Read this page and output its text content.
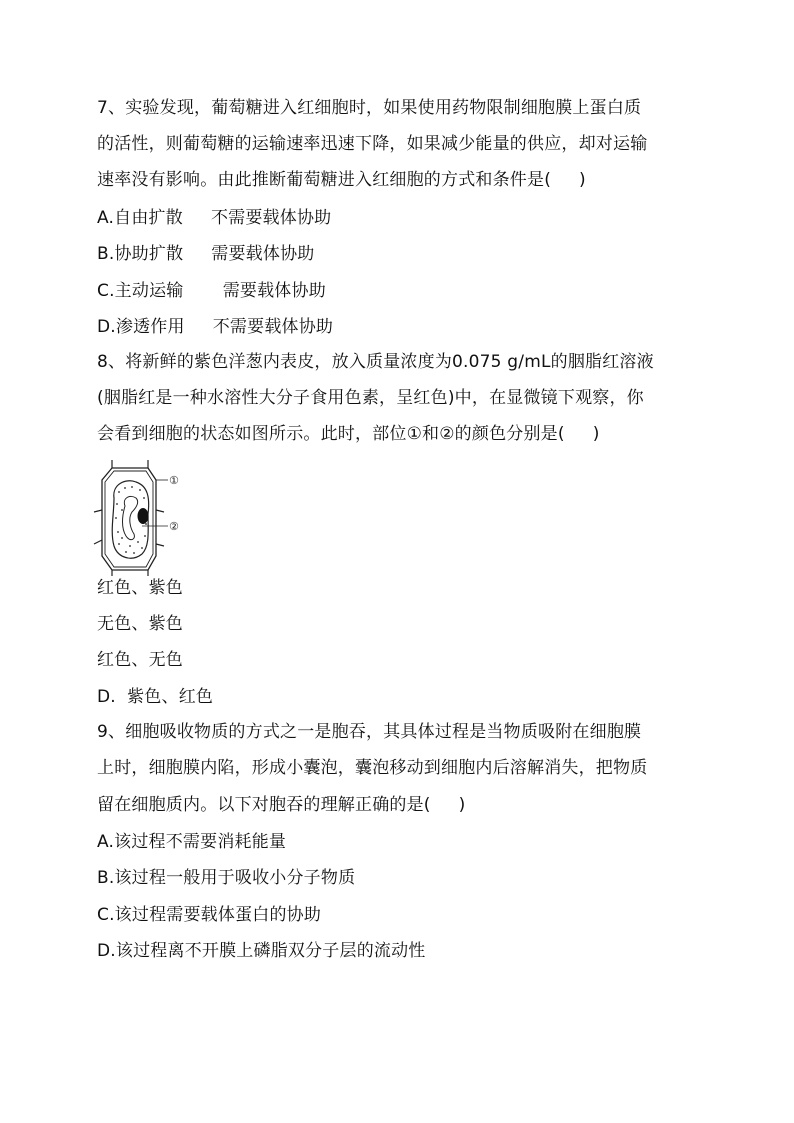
7、实验发现，葡萄糖进入红细胞时，如果使用药物限制细胞膜上蛋白质
的活性，则葡萄糖的运输速率迅速下降，如果减少能量的供应，却对运输
速率没有影响。由此推断葡萄糖进入红细胞的方式和条件是(     )
A.自由扩散     不需要载体协助
B.协助扩散     需要载体协助
C.主动运输       需要载体协助
D.渗透作用     不需要载体协助
8、将新鲜的紫色洋葱内表皮，放入质量浓度为0.075 g/mL的胭脂红溶液
(胭脂红是一种水溶性大分子食用色素，呈红色)中，在显微镜下观察，你
会看到细胞的状态如图所示。此时，部位①和②的颜色分别是(     )
①
②
红色、紫色
无色、紫色
红色、无色
D.  紫色、红色
9、细胞吸收物质的方式之一是胞吞，其具体过程是当物质吸附在细胞膜
上时，细胞膜内陷，形成小囊泡，囊泡移动到细胞内后溶解消失，把物质
留在细胞质内。以下对胞吞的理解正确的是(     )
A.该过程不需要消耗能量
B.该过程一般用于吸收小分子物质
C.该过程需要载体蛋白的协助
D.该过程离不开膜上磷脂双分子层的流动性
